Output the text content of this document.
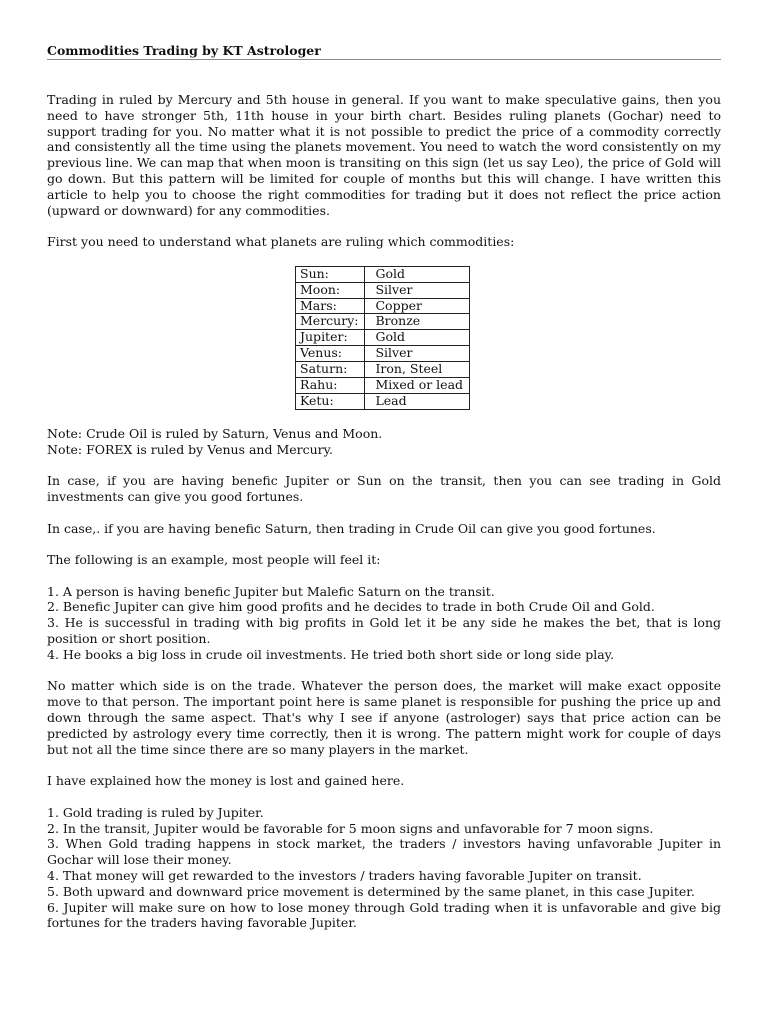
Commodities Trading by KT Astrologer

Trading in ruled by Mercury and 5th house in general. If you want to make speculative gains, then you need to have stronger 5th, 11th house in your birth chart. Besides ruling planets (Gochar) need to support trading for you. No matter what it is not possible to predict the price of a commodity correctly and consistently all the time using the planets movement. You need to watch the word consistently on my previous line. We can map that when moon is transiting on this sign (let us say Leo), the price of Gold will go down. But this pattern will be limited for couple of months but this will change. I have written this article to help you to choose the right commodities for trading but it does not reflect the price action (upward or downward) for any commodities.

First you need to understand what planets are ruling which commodities:

Sun:	Gold
Moon:	Silver
Mars:	Copper
Mercury:	Bronze
Jupiter:	Gold
Venus:	Silver
Saturn:	Iron, Steel
Rahu:	Mixed or lead
Ketu:	Lead

Note: Crude Oil is ruled by Saturn, Venus and Moon.

Note: FOREX is ruled by Venus and Mercury.

In case, if you are having benefic Jupiter or Sun on the transit, then you can see trading in Gold investments can give you good fortunes.

In case,. if you are having benefic Saturn, then trading in Crude Oil can give you good fortunes.

The following is an example, most people will feel it:

1. A person is having benefic Jupiter but Malefic Saturn on the transit.
2. Benefic Jupiter can give him good profits and he decides to trade in both Crude Oil and Gold.
3. He is successful in trading with big profits in Gold let it be any side he makes the bet, that is long position or short position.
4. He books a big loss in crude oil investments. He tried both short side or long side play.

No matter which side is on the trade. Whatever the person does, the market will make exact opposite move to that person. The important point here is same planet is responsible for pushing the price up and down through the same aspect. That's why I see if anyone (astrologer) says that price action can be predicted by astrology every time correctly, then it is wrong. The pattern might work for couple of days but not all the time since there are so many players in the market.

I have explained how the money is lost and gained here.

1. Gold trading is ruled by Jupiter.
2. In the transit, Jupiter would be favorable for 5 moon signs and unfavorable for 7 moon signs.
3. When Gold trading happens in stock market, the traders / investors having unfavorable Jupiter in Gochar will lose their money.
4. That money will get rewarded to the investors / traders having favorable Jupiter on transit.
5. Both upward and downward price movement is determined by the same planet, in this case Jupiter.
6. Jupiter will make sure on how to lose money through Gold trading when it is unfavorable and give big fortunes for the traders having favorable Jupiter.
